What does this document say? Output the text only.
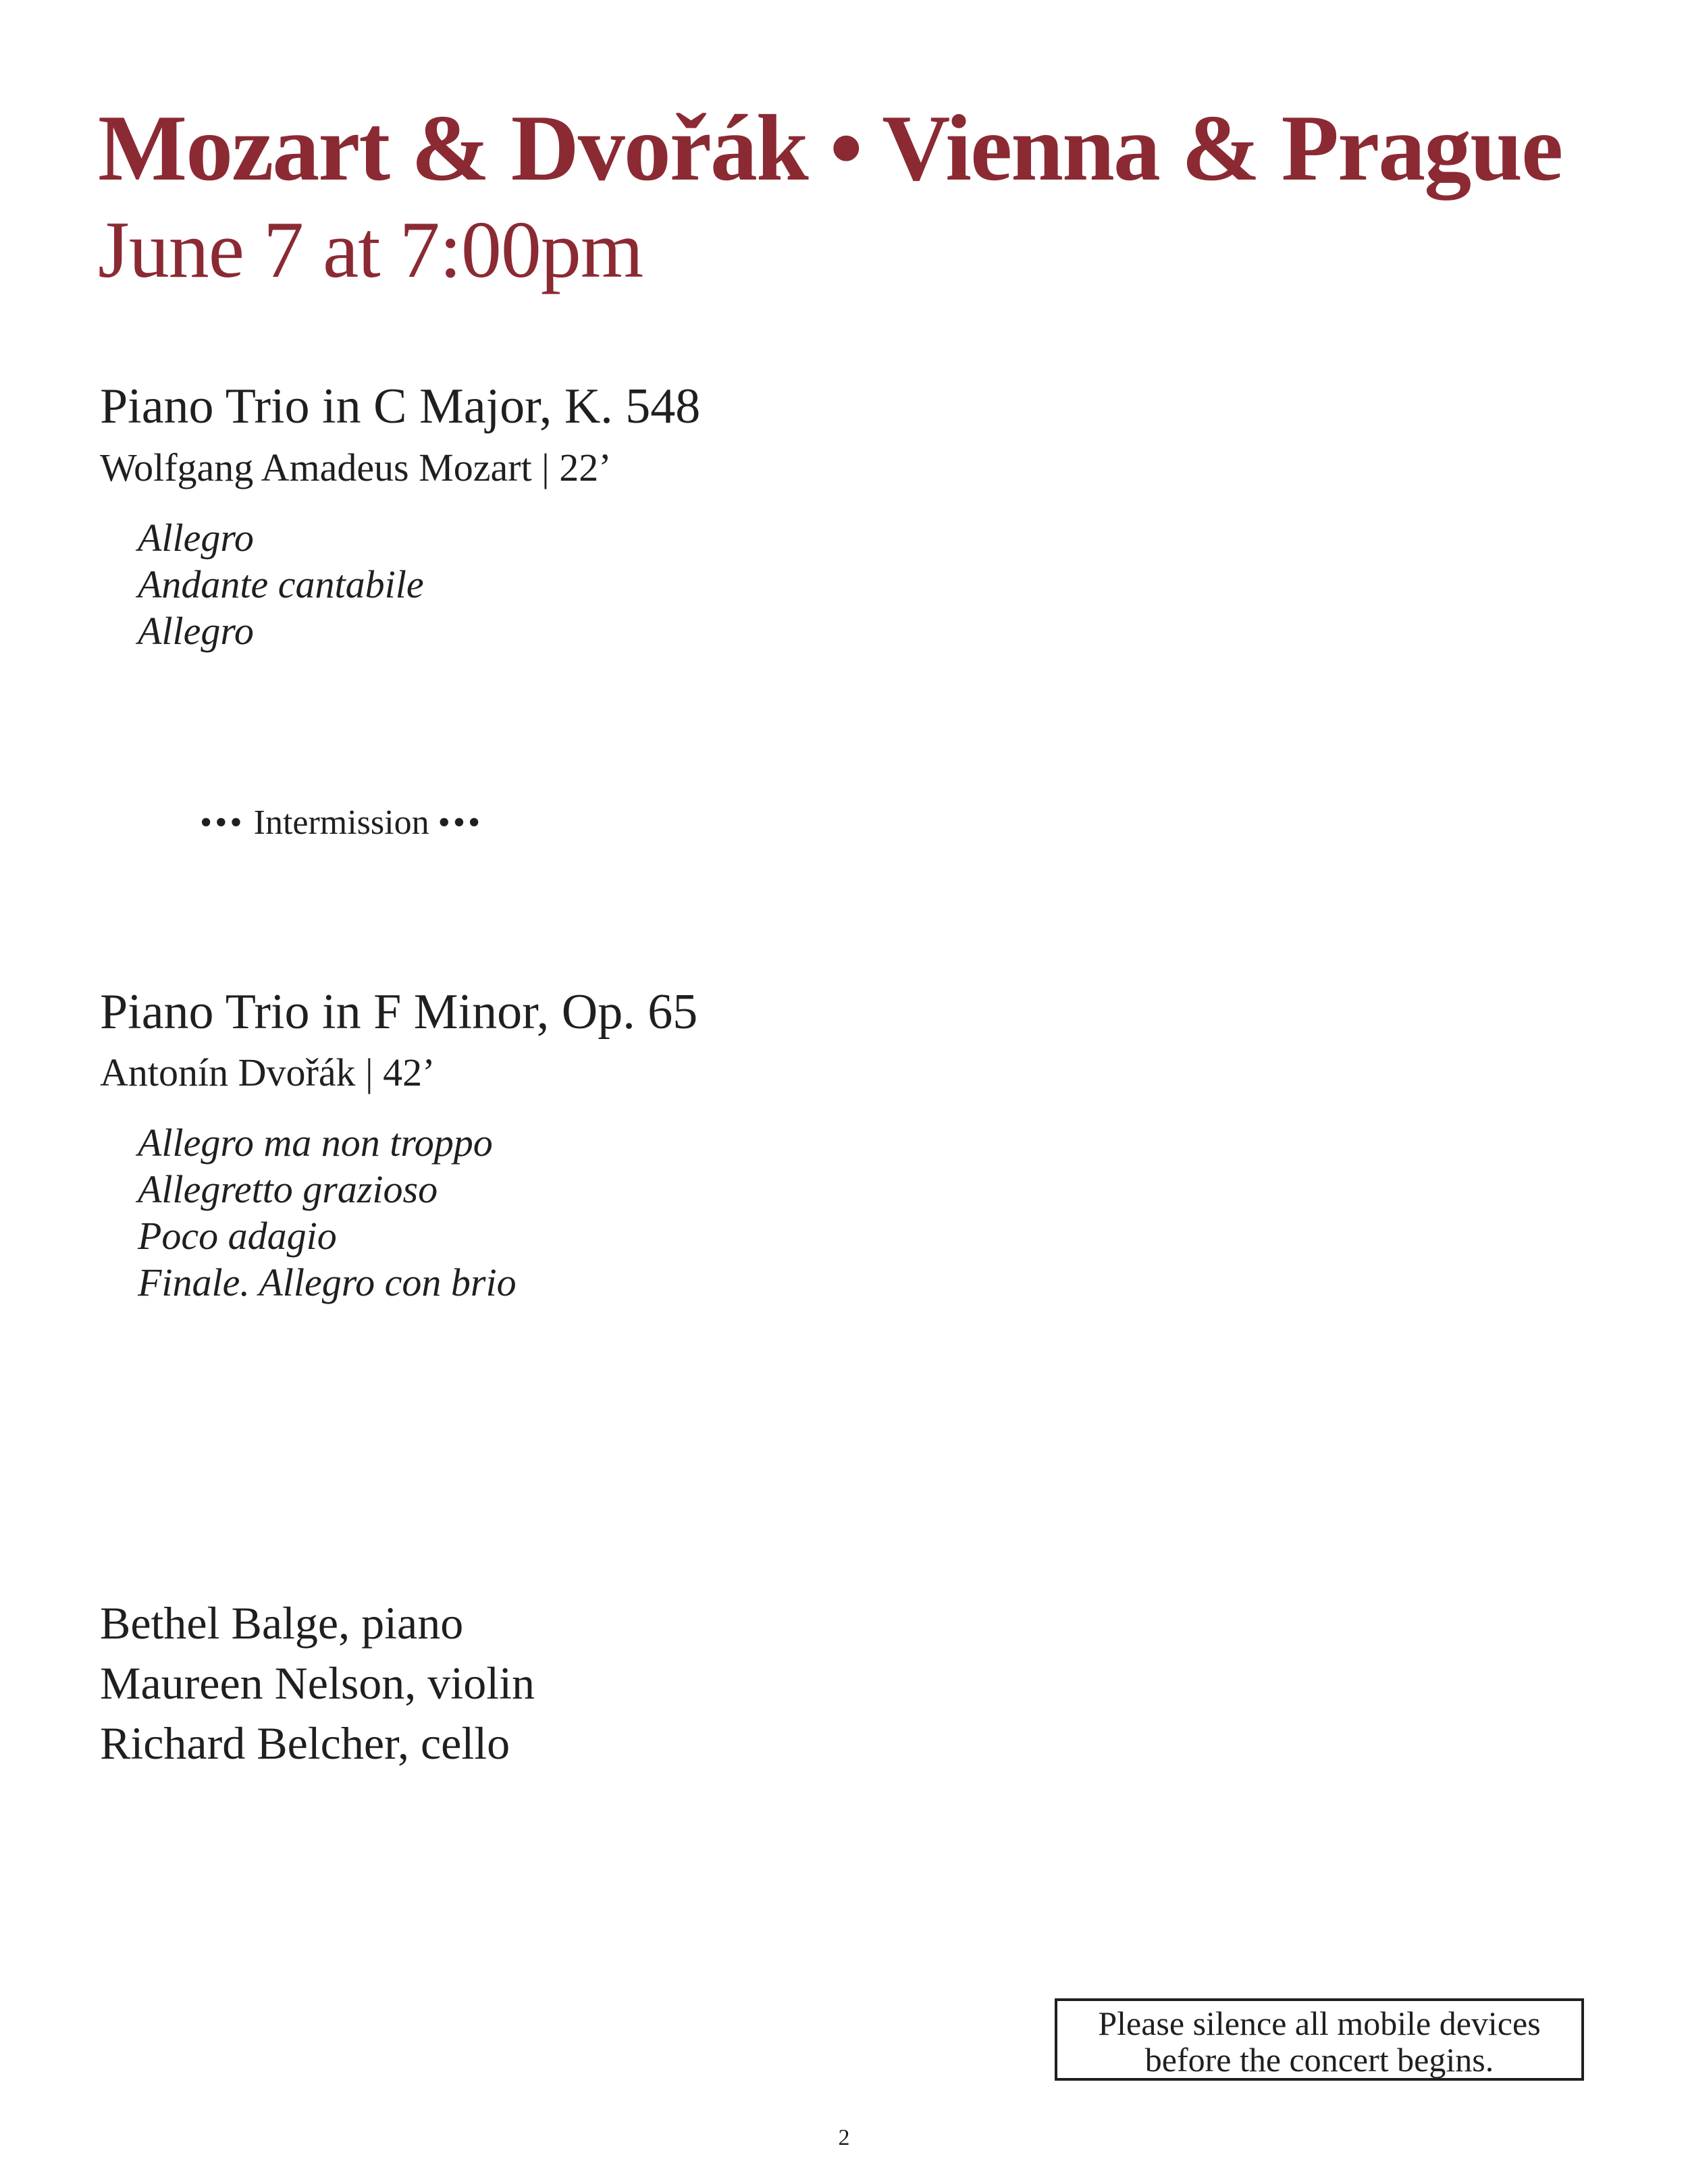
Mozart & Dvořák • Vienna & Prague
June 7 at 7:00pm
Piano Trio in C Major, K. 548

Wolfgang Amadeus Mozart | 22’

Allegro
Andante cantabile
Allegro
••• Intermission •••
Piano Trio in F Minor, Op. 65

Antonín Dvořák | 42’

Allegro ma non troppo
Allegretto grazioso
Poco adagio
Finale. Allegro con brio
Bethel Balge, piano
Maureen Nelson, violin
Richard Belcher, cello
Please silence all mobile devices
before the concert begins.
2
